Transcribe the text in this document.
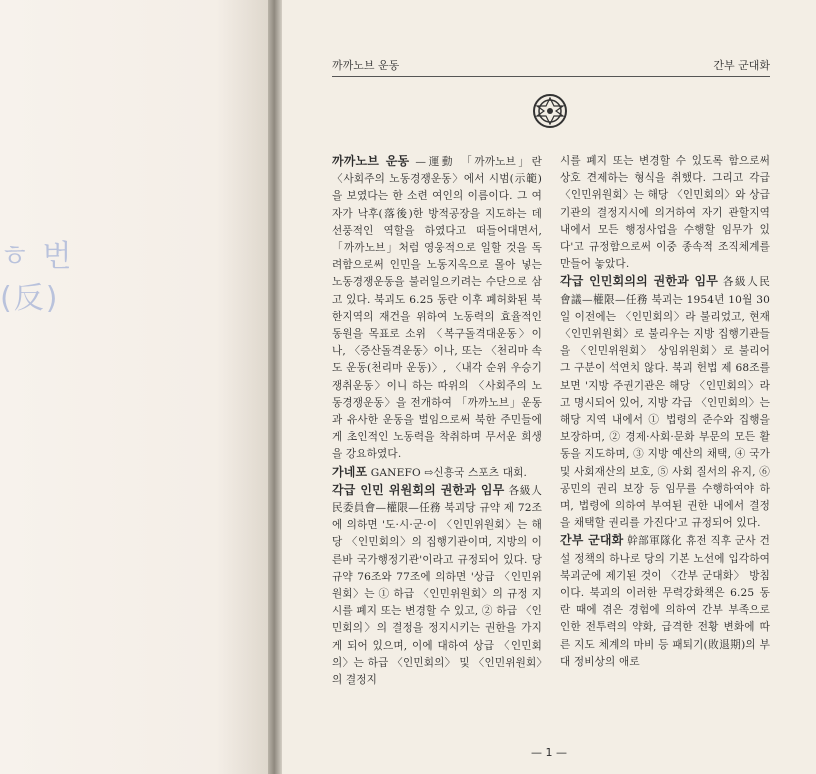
ㅎ 번
(反)
까까노브 운동	간부 군대화

까까노브 운동 —運動 「까까노브」란 〈사회주의 노동경쟁운동〉에서 시범(示範)을 보였다는 한 소련 여인의 이름이다. 그 여자가 낙후(落後)한 방적공장을 지도하는 데 선풍적인 역할을 하였다고 떠들어대면서, 「까까노브」처럼 영웅적으로 일할 것을 독려함으로써 인민을 노동지옥으로 몰아 넣는 노동경쟁운동을 불러일으키려는 수단으로 삼고 있다. 북괴도 6.25 동란 이후 폐허화된 북한지역의 재건을 위하여 노동력의 효율적인 동원을 목표로 소위 〈복구돌격대운동〉이나, 〈증산돌격운동〉이나, 또는 〈천리마 속도 운동(천리마 운동)〉, 〈내각 순위 우승기 쟁취운동〉이니 하는 따위의 〈사회주의 노동경쟁운동〉을 전개하여 「까까노브」운동과 유사한 운동을 벌임으로써 북한 주민들에게 초인적인 노동력을 착취하며 무서운 희생을 강요하였다.

가네포 GANEFO ⇨신흥국 스포츠 대회.

각급 인민 위원회의 권한과 임무 各級人民委員會—權限—任務 북괴당 규약 제 72조에 의하면 '도·시·군·이 〈인민위원회〉는 해당 〈인민회의〉의 집행기관이며, 지방의 이른바 국가행정기관'이라고 규정되어 있다. 당규약 76조와 77조에 의하면 '상급 〈인민위원회〉는 ① 하급 〈인민위원회〉의 규정 지시를 폐지 또는 변경할 수 있고, ② 하급 〈인민회의〉의 결정을 정지시키는 권한을 가지게 되어 있으며, 이에 대하여 상급 〈인민회의〉는 하급 〈인민회의〉 및 〈인민위원회〉의 결정지

시를 폐지 또는 변경할 수 있도록 함으로써 상호 견제하는 형식을 취했다. 그리고 각급 〈인민위원회〉는 해당 〈인민회의〉와 상급 기관의 결정지시에 의거하여 자기 관할지역 내에서 모든 행정사업을 수행할 임무가 있다'고 규정함으로써 이중 종속적 조직체계를 만들어 놓았다.

각급 인민회의의 권한과 임무 各級人民會議—權限—任務 북괴는 1954년 10월 30일 이전에는 〈인민회의〉라 불리었고, 현재 〈인민위원회〉로 불리우는 지방 집행기관들을 〈인민위원회〉 상임위원회〉로 불리어 그 구분이 석연치 않다. 북괴 헌법 제 68조를 보면 '지방 주권기관은 해당 〈인민회의〉라고 명시되어 있어, 지방 각급 〈인민회의〉는 해당 지역 내에서 ① 법령의 준수와 집행을 보장하며, ② 경제·사회·문화 부문의 모든 활동을 지도하며, ③ 지방 예산의 채택, ④ 국가 및 사회재산의 보호, ⑤ 사회 질서의 유지, ⑥ 공민의 권리 보장 등 임무를 수행하여야 하며, 법령에 의하여 부여된 권한 내에서 결정을 채택할 권리를 가진다'고 규정되어 있다.

간부 군대화 幹部軍隊化 휴전 직후 군사 건설 정책의 하나로 당의 기본 노선에 입각하여 북괴군에 제기된 것이 〈간부 군대화〉 방침이다. 북괴의 이러한 무력강화책은 6.25 동란 때에 겪은 경험에 의하여 간부 부족으로 인한 전투력의 약화, 급격한 전황 변화에 따른 지도 체계의 마비 등 패퇴기(敗退期)의 부대 정비상의 애로

— 1 —
